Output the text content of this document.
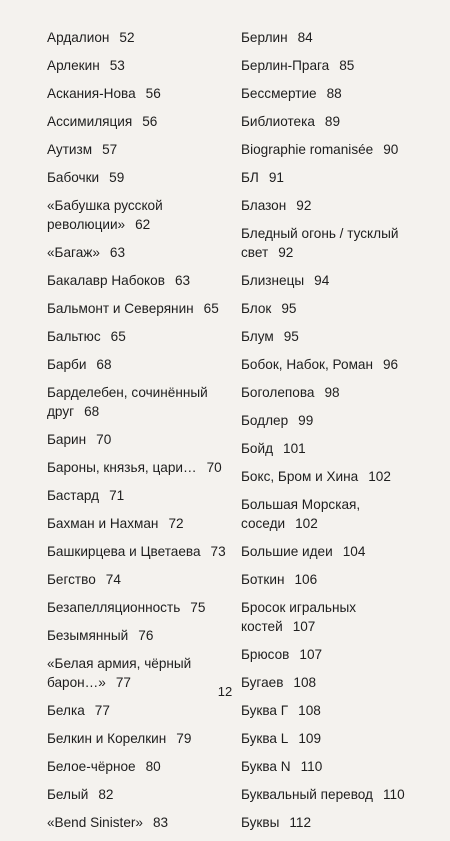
Ардалион 52
Арлекин 53
Аскания-Нова 56
Ассимиляция 56
Аутизм 57
Бабочки 59
«Бабушка русской революции» 62
«Багаж» 63
Бакалавр Набоков 63
Бальмонт и Северянин 65
Бальтюс 65
Барби 68
Барделебен, сочинённый друг 68
Барин 70
Бароны, князья, цари… 70
Бастард 71
Бахман и Нахман 72
Башкирцева и Цветаева 73
Бегство 74
Безапелляционность 75
Безымянный 76
«Белая армия, чёрный барон…» 77
Белка 77
Белкин и Корелкин 79
Белое-чёрное 80
Белый 82
«Bend Sinister» 83
Берлин 84
Берлин-Прага 85
Бессмертие 88
Библиотека 89
Biographie romanisée 90
БЛ 91
Блазон 92
Бледный огонь / тусклый свет 92
Близнецы 94
Блок 95
Блум 95
Бобок, Набок, Роман 96
Боголепова 98
Бодлер 99
Бойд 101
Бокс, Бром и Хина 102
Большая Морская, соседи 102
Большие идеи 104
Боткин 106
Бросок игральных костей 107
Брюсов 107
Бугаев 108
Буква Г 108
Буква L 109
Буква N 110
Буквальный перевод 110
Буквы 112
12
